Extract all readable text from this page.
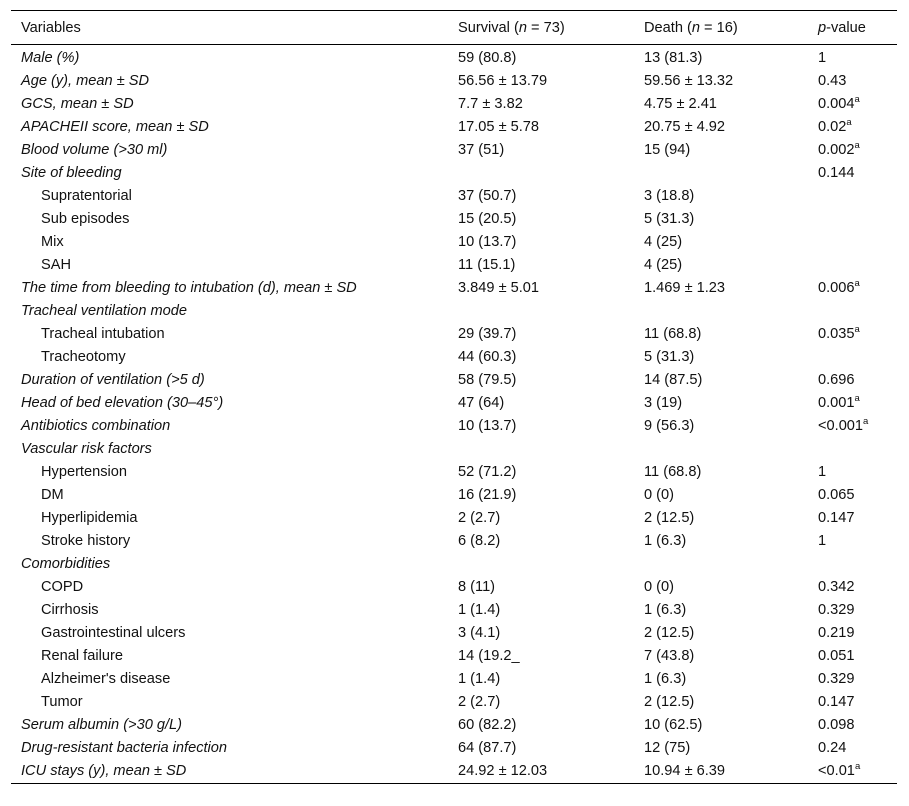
Variables	Survival (n = 73)	Death (n = 16)	p-value
Male (%)	59 (80.8)	13 (81.3)	1
Age (y), mean ± SD	56.56 ± 13.79	59.56 ± 13.32	0.43
GCS, mean ± SD	7.7 ± 3.82	4.75 ± 2.41	0.004$^a$
APACHEII score, mean ± SD	17.05 ± 5.78	20.75 ± 4.92	0.02$^a$
Blood volume (>30 ml)	37 (51)	15 (94)	0.002$^a$
Site of bleeding			0.144
Supratentorial	37 (50.7)	3 (18.8)	
Sub episodes	15 (20.5)	5 (31.3)	
Mix	10 (13.7)	4 (25)	
SAH	11 (15.1)	4 (25)	
The time from bleeding to intubation (d), mean ± SD	3.849 ± 5.01	1.469 ± 1.23	0.006$^a$
Tracheal ventilation mode			
Tracheal intubation	29 (39.7)	11 (68.8)	0.035$^a$
Tracheotomy	44 (60.3)	5 (31.3)	
Duration of ventilation (>5 d)	58 (79.5)	14 (87.5)	0.696
Head of bed elevation (30–45°)	47 (64)	3 (19)	0.001$^a$
Antibiotics combination	10 (13.7)	9 (56.3)	<0.001$^a$
Vascular risk factors			
Hypertension	52 (71.2)	11 (68.8)	1
DM	16 (21.9)	0 (0)	0.065
Hyperlipidemia	2 (2.7)	2 (12.5)	0.147
Stroke history	6 (8.2)	1 (6.3)	1
Comorbidities			
COPD	8 (11)	0 (0)	0.342
Cirrhosis	1 (1.4)	1 (6.3)	0.329
Gastrointestinal ulcers	3 (4.1)	2 (12.5)	0.219
Renal failure	14 (19.2_	7 (43.8)	0.051
Alzheimer's disease	1 (1.4)	1 (6.3)	0.329
Tumor	2 (2.7)	2 (12.5)	0.147
Serum albumin (>30 g/L)	60 (82.2)	10 (62.5)	0.098
Drug-resistant bacteria infection	64 (87.7)	12 (75)	0.24
ICU stays (y), mean ± SD	24.92 ± 12.03	10.94 ± 6.39	<0.01$^a$
